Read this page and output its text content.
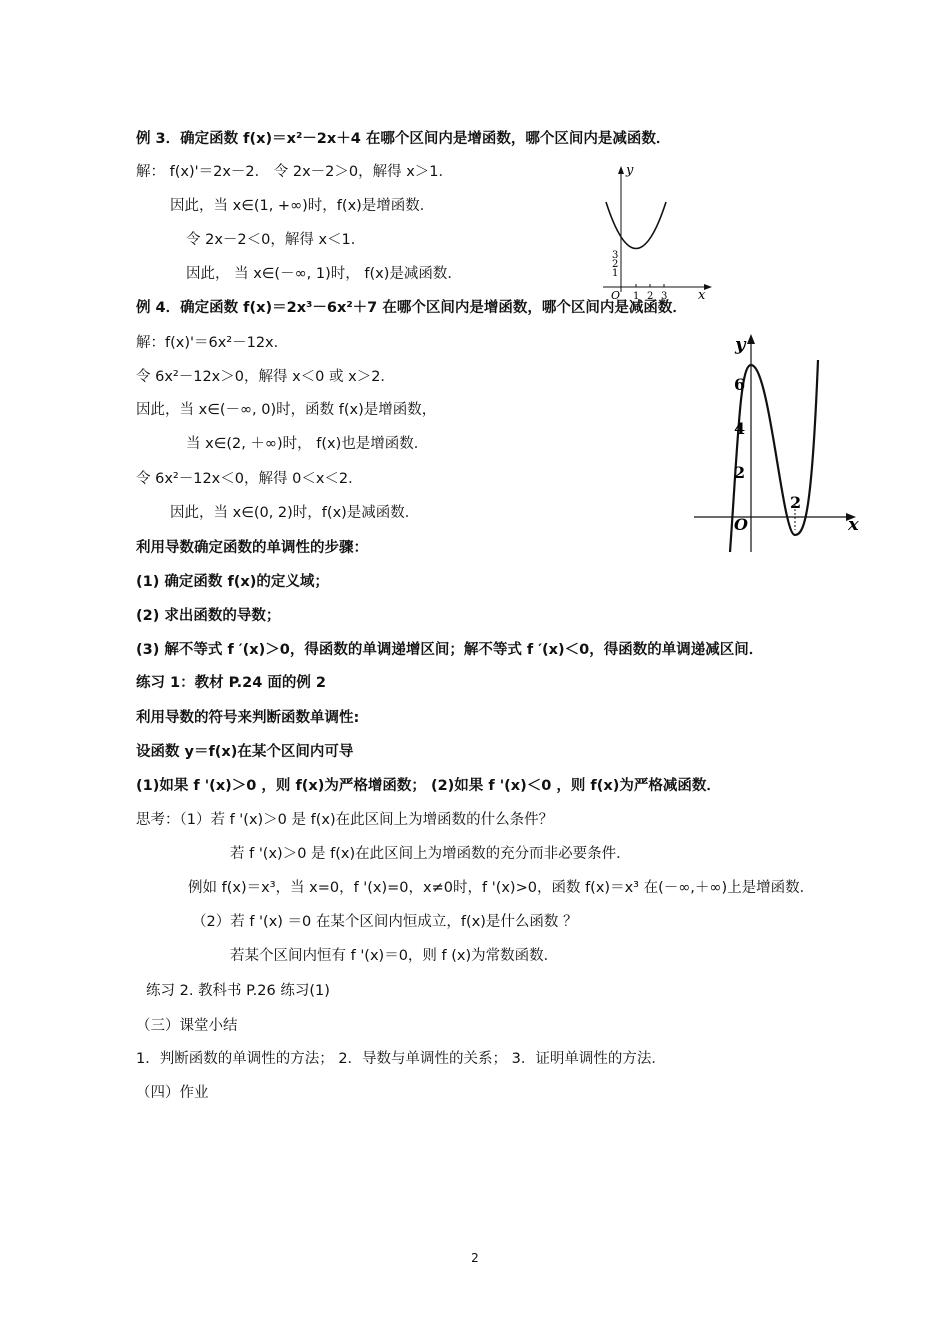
例 3．确定函数 f(x)＝x²－2x＋4 在哪个区间内是增函数，哪个区间内是减函数．
解： f(x)'＝2x－2． 令 2x－2＞0，解得 x＞1．
因此，当 x∈(1, +∞)时，f(x)是增函数．
令 2x－2＜0，解得 x＜1．
因此， 当 x∈(－∞, 1)时， f(x)是减函数．
例 4．确定函数 f(x)＝2x³－6x²＋7 在哪个区间内是增函数，哪个区间内是减函数．
解：f(x)'＝6x²－12x．
令 6x²－12x＞0，解得 x＜0 或 x＞2．
因此，当 x∈(－∞, 0)时，函数 f(x)是增函数，
当 x∈(2, ＋∞)时， f(x)也是增函数．
令 6x²－12x＜0，解得 0＜x＜2．
因此，当 x∈(0, 2)时，f(x)是减函数．
利用导数确定函数的单调性的步骤：
(1) 确定函数 f(x)的定义域；
(2) 求出函数的导数；
(3) 解不等式 f ′(x)＞0，得函数的单调递增区间；解不等式 f ′(x)＜0，得函数的单调递减区间．
练习 1：教材 P.24 面的例 2
利用导数的符号来判断函数单调性:
设函数 y＝f(x)在某个区间内可导
(1)如果 f '(x)＞0 ，则 f(x)为严格增函数； (2)如果 f '(x)＜0 ，则 f(x)为严格减函数．
思考：（1）若 f '(x)＞0 是 f(x)在此区间上为增函数的什么条件？
若 f '(x)＞0 是 f(x)在此区间上为增函数的充分而非必要条件．
例如 f(x)＝x³，当 x=0，f '(x)=0，x≠0时，f '(x)>0，函数 f(x)＝x³ 在(－∞,＋∞)上是增函数．
（2）若 f '(x) ＝0 在某个区间内恒成立，f(x)是什么函数 ？
若某个区间内恒有 f '(x)＝0，则 f (x)为常数函数．
练习 2. 教科书 P.26 练习(1)
（三）课堂小结
1．判断函数的单调性的方法； 2．导数与单调性的关系； 3．证明单调性的方法．
（四）作业
y
x
O 1 2 3
1
2
3
y
x
O
6
4
2
2
2
